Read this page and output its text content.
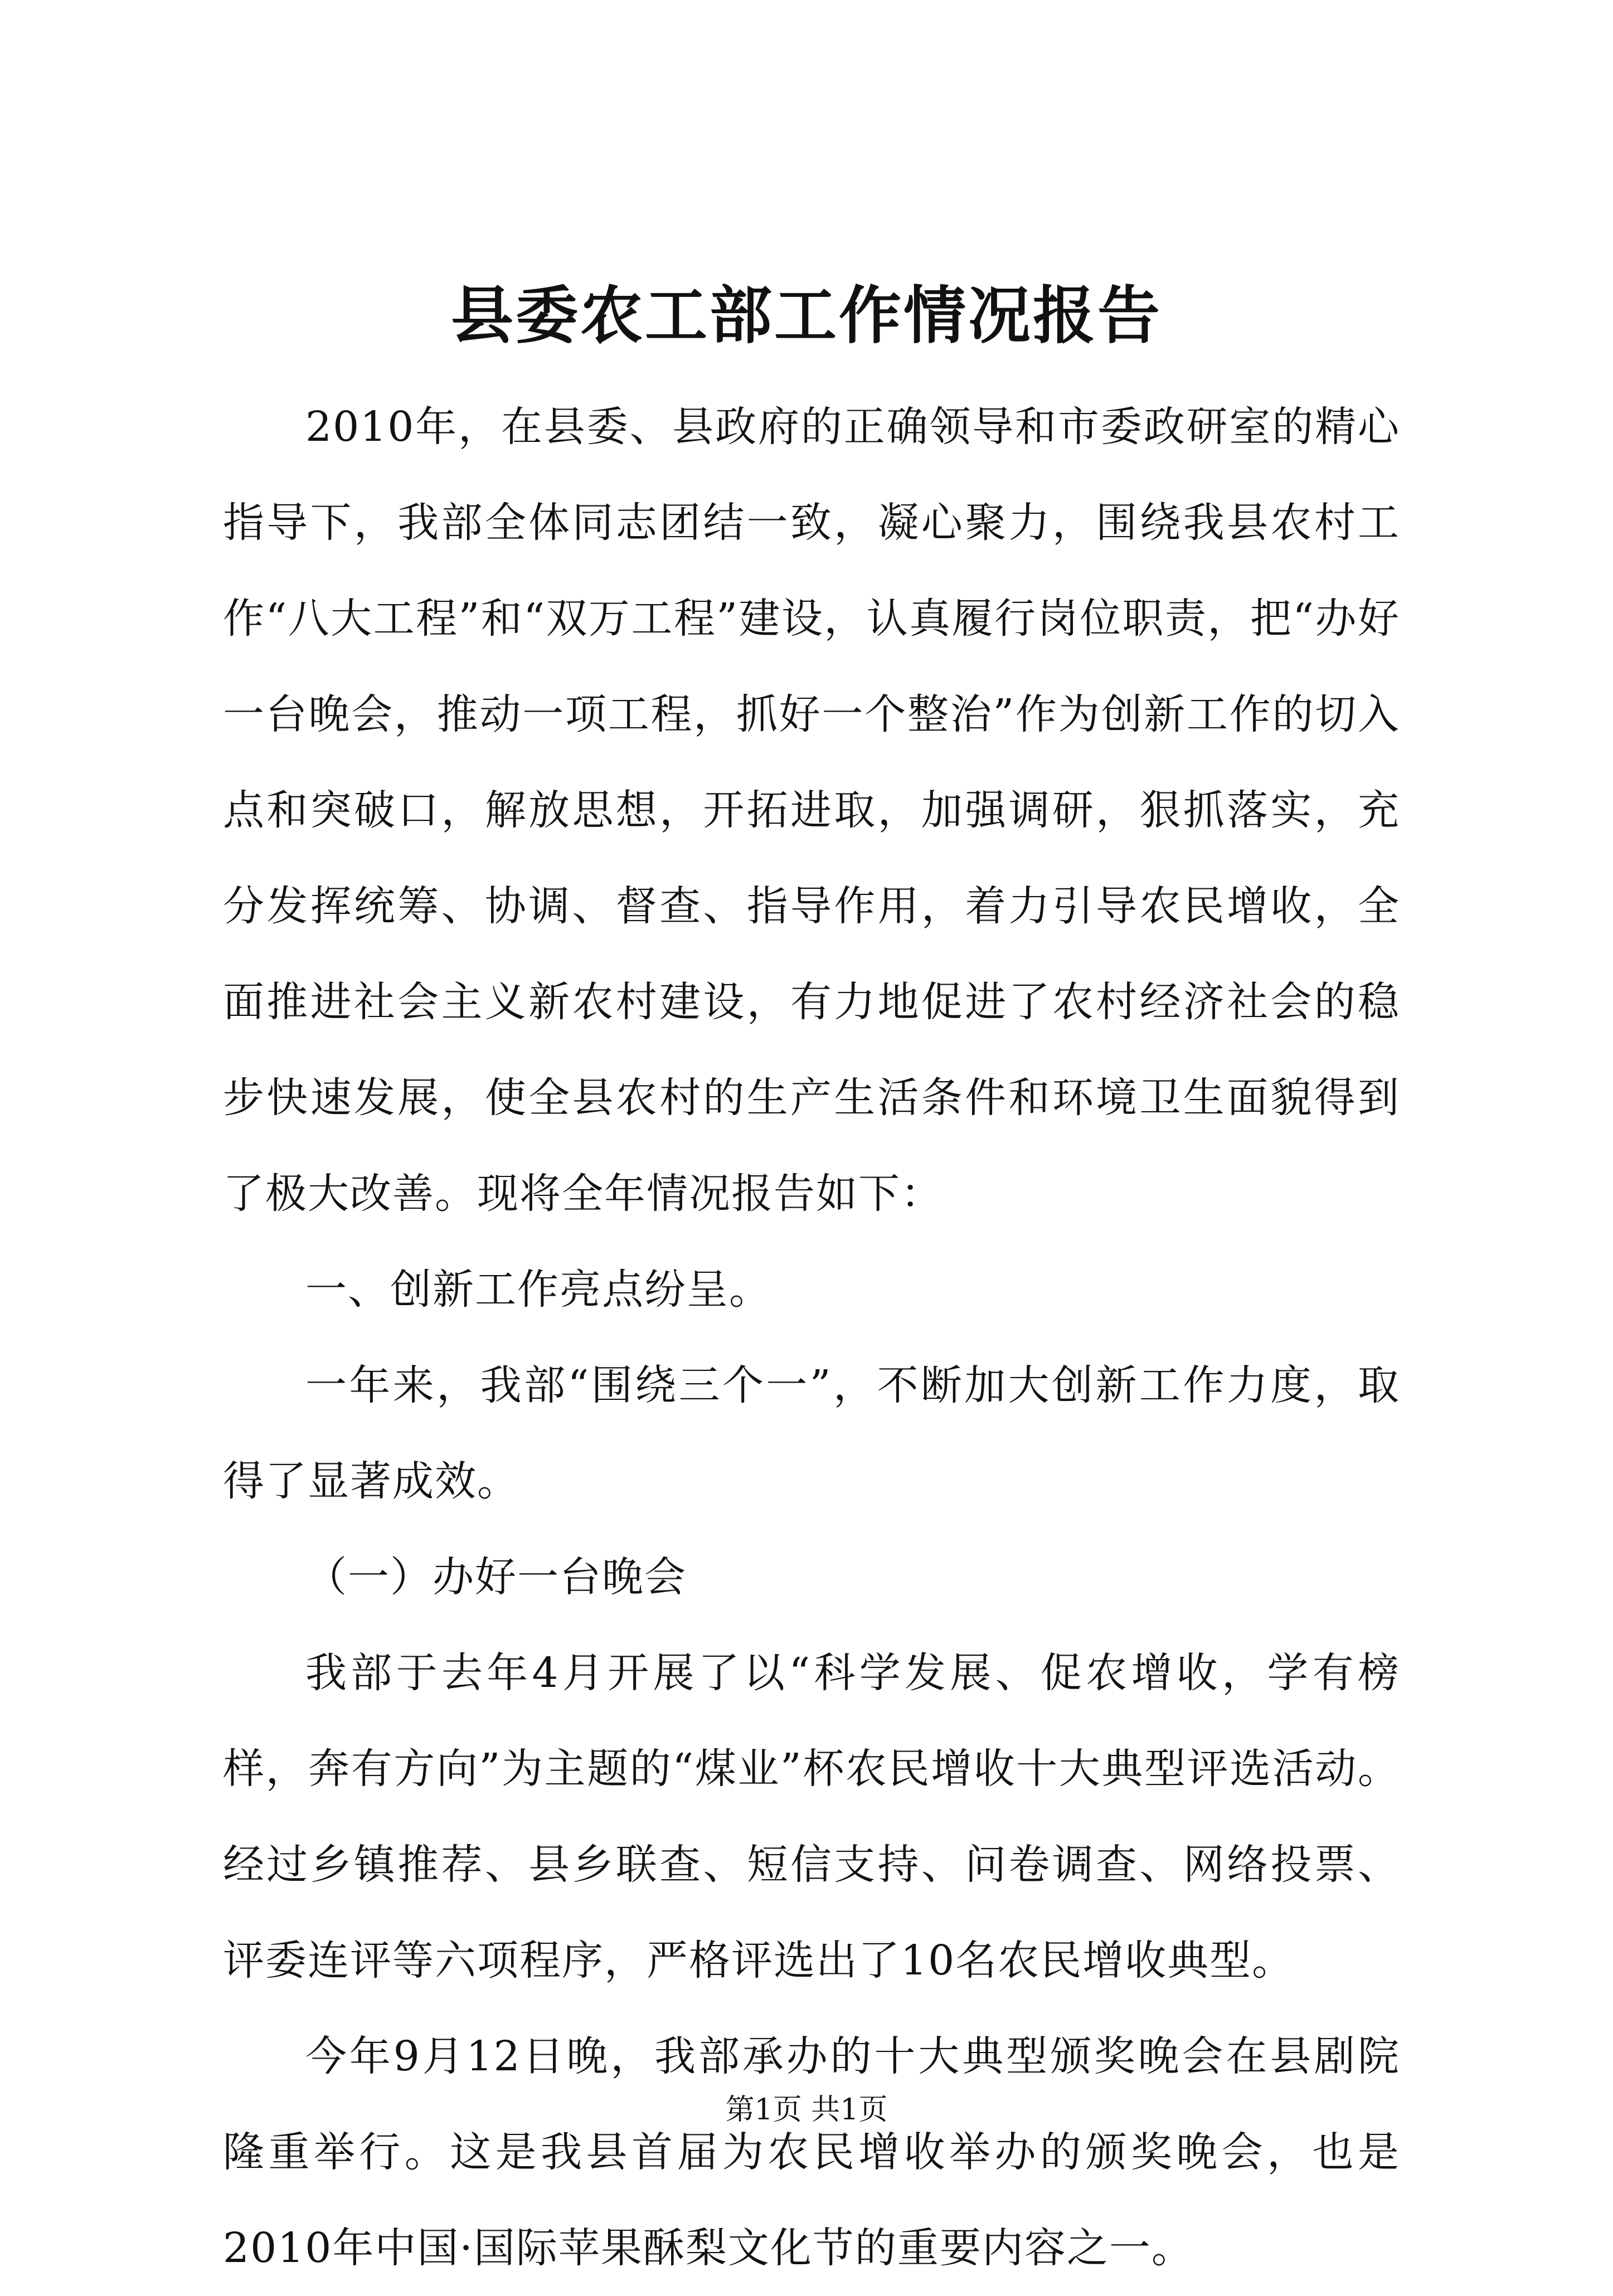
县委农工部工作情况报告

2010年，在县委、县政府的正确领导和市委政研室的精心指导下，我部全体同志团结一致，凝心聚力，围绕我县农村工作“八大工程”和“双万工程”建设，认真履行岗位职责，把“办好一台晚会，推动一项工程，抓好一个整治”作为创新工作的切入点和突破口，解放思想，开拓进取，加强调研，狠抓落实，充分发挥统筹、协调、督查、指导作用，着力引导农民增收，全面推进社会主义新农村建设，有力地促进了农村经济社会的稳步快速发展，使全县农村的生产生活条件和环境卫生面貌得到了极大改善。现将全年情况报告如下：

一、创新工作亮点纷呈。

一年来，我部“围绕三个一”，不断加大创新工作力度，取得了显著成效。

（一）办好一台晚会

我部于去年4月开展了以“科学发展、促农增收，学有榜样，奔有方向”为主题的“煤业”杯农民增收十大典型评选活动。经过乡镇推荐、县乡联查、短信支持、问卷调查、网络投票、评委连评等六项程序，严格评选出了10名农民增收典型。

今年9月12日晚，我部承办的十大典型颁奖晚会在县剧院隆重举行。这是我县首届为农民增收举办的颁奖晚会，也是2010年中国·国际苹果酥梨文化节的重要内容之一。

第1页 共1页
